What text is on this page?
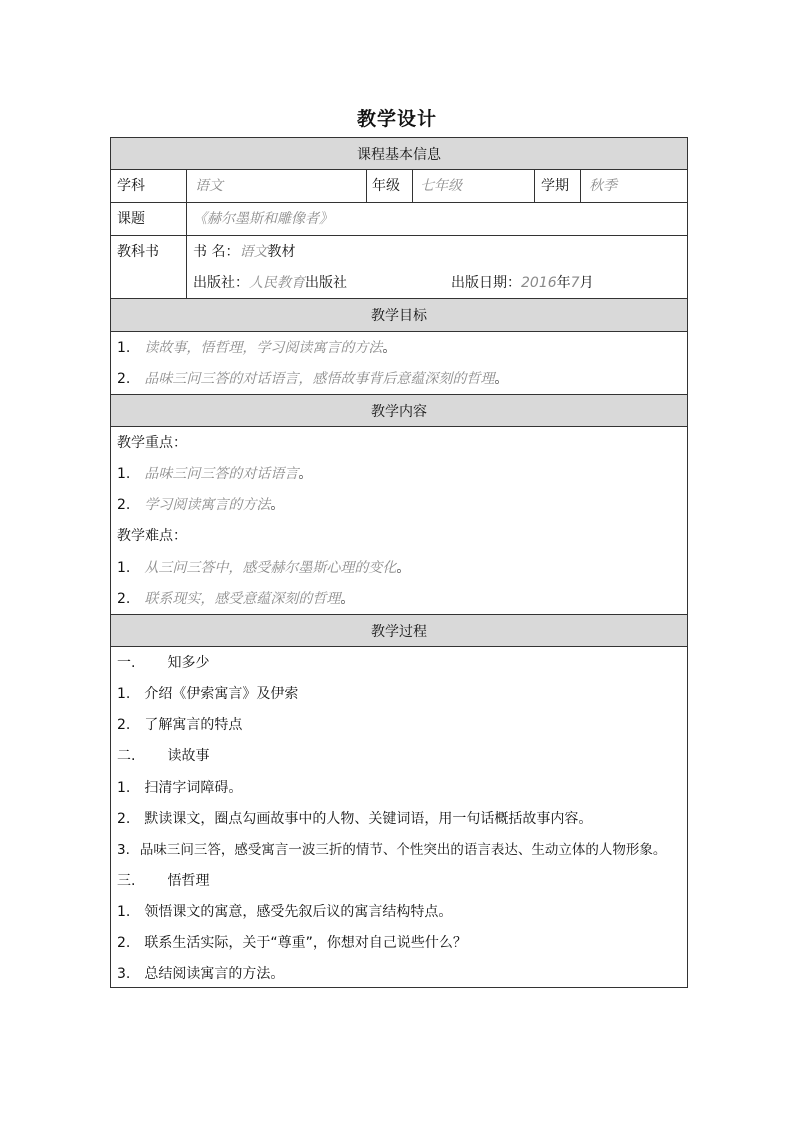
教学设计
课程基本信息
教学目标
教学内容
教学过程
学科	语文	年级 七年级	学期 秋季
课题	《赫尔墨斯和雕像者》
教科书 书 名：语文教材
出版社：人民教育出版社	出版日期：2016年7月
1. 读故事，悟哲理，学习阅读寓言的方法。
2. 品味三问三答的对话语言，感悟故事背后意蕴深刻的哲理。
教学重点：
1. 品味三问三答的对话语言。
2. 学习阅读寓言的方法。
教学难点：
1. 从三问三答中，感受赫尔墨斯心理的变化。
2. 联系现实，感受意蕴深刻的哲理。
一. 知多少
1. 介绍《伊索寓言》及伊索
2. 了解寓言的特点
二. 读故事
1. 扫清字词障碍。
2. 默读课文，圈点勾画故事中的人物、关键词语，用一句话概括故事内容。
3. 品味三问三答，感受寓言一波三折的情节、个性突出的语言表达、生动立体的人物形象。
三. 悟哲理
1. 领悟课文的寓意，感受先叙后议的寓言结构特点。
2. 联系生活实际，关于“尊重”，你想对自己说些什么？
3. 总结阅读寓言的方法。
